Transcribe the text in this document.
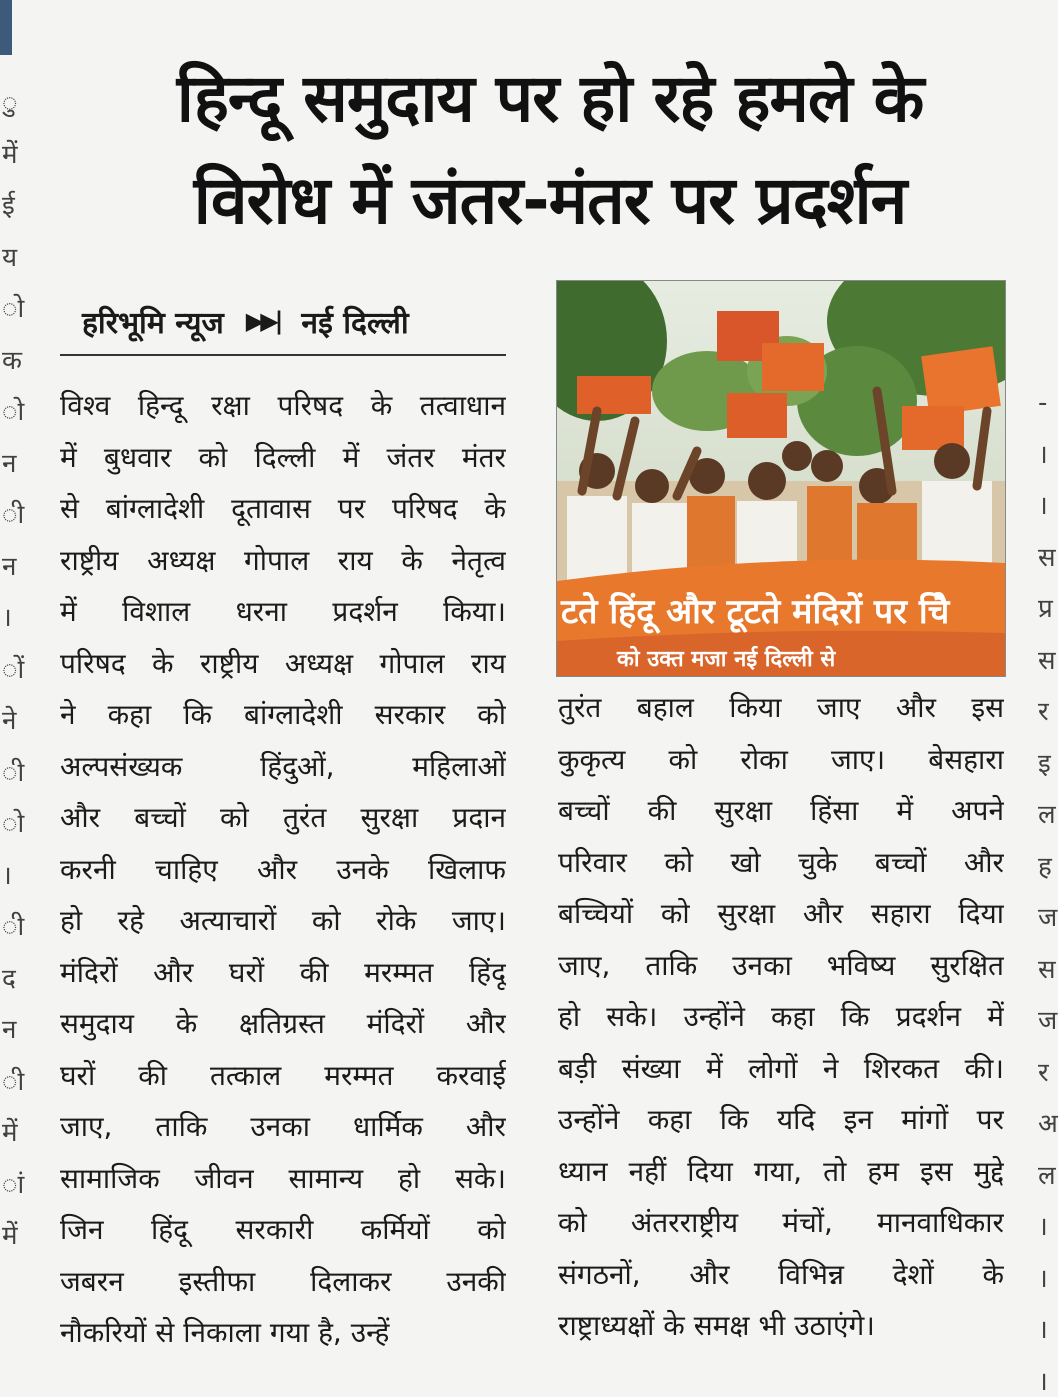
ु
में
ई
य
ो
क
ो
न
ी
न
।
ों
ने
ी
ो
।
ी
द
न
ी
में
ां
में
-
।
।
स
प्र
स
र
इ
ल
ह
ज
स
ज
र
अ
ल
।
।
।
।
हिन्दू समुदाय पर हो रहे हमले के
विरोध में जंतर-मंतर पर प्रदर्शन
हरिभूमि न्यूज ▶▶| नई दिल्ली
विश्व हिन्दू रक्षा परिषद के तत्वाधान
में बुधवार को दिल्ली में जंतर मंतर
से बांग्लादेशी दूतावास पर परिषद के
राष्ट्रीय अध्यक्ष गोपाल राय के नेतृत्व
में विशाल धरना प्रदर्शन किया।
परिषद के राष्ट्रीय अध्यक्ष गोपाल राय
ने कहा कि बांग्लादेशी सरकार को
अल्पसंख्यक हिंदुओं, महिलाओं
और बच्चों को तुरंत सुरक्षा प्रदान
करनी चाहिए और उनके खिलाफ
हो रहे अत्याचारों को रोके जाए।
मंदिरों और घरों की मरम्मत हिंदू
समुदाय के क्षतिग्रस्त मंदिरों और
घरों की तत्काल मरम्मत करवाई
जाए, ताकि उनका धार्मिक और
सामाजिक जीवन सामान्य हो सके।
जिन हिंदू सरकारी कर्मियों को
जबरन इस्तीफा दिलाकर उनकी
नौकरियों से निकाला गया है, उन्हें
तुरंत बहाल किया जाए और इस
कुकृत्य को रोका जाए। बेसहारा
बच्चों की सुरक्षा हिंसा में अपने
परिवार को खो चुके बच्चों और
बच्चियों को सुरक्षा और सहारा दिया
जाए, ताकि उनका भविष्य सुरक्षित
हो सके। उन्होंने कहा कि प्रदर्शन में
बड़ी संख्या में लोगों ने शिरकत की।
उन्होंने कहा कि यदि इन मांगों पर
ध्यान नहीं दिया गया, तो हम इस मुद्दे
को अंतरराष्ट्रीय मंचों, मानवाधिकार
संगठनों, और विभिन्न देशों के
राष्ट्राध्यक्षों के समक्ष भी उठाएंगे।
टते हिंदू और टूटते मंदिरों पर चैि
को उक्त मजा नई दिल्ली से
